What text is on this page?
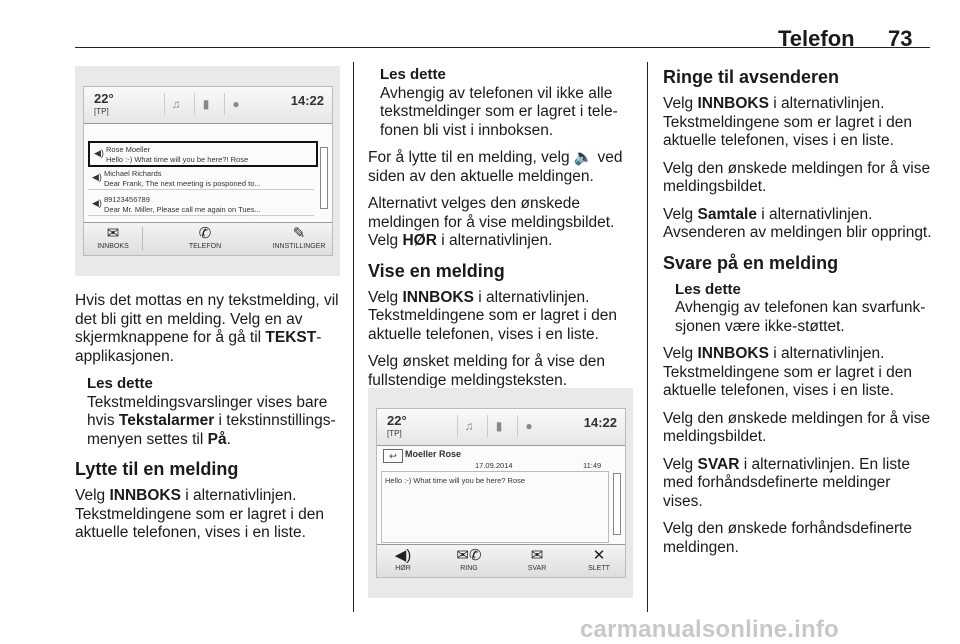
Telefon 73
22°
[TP]
♫	▮	●	14:22
◀) Rose Moeller
Hello :-) What time will you be here?! Rose
◀) Michael Richards
Dear Frank, The next meeting is posponed to...
◀) 89123456789
Dear Mr. Miller, Please call me again on Tues...
✉
INNBOKS
✆
TELEFON
✎
INNSTILLINGER

Hvis det mottas en ny tekstmelding, vil det bli gitt en melding. Velg en av skjermknappene for å gå til TEKST-applikasjonen.

Les dette

Tekstmeldingsvarslinger vises bare hvis Tekstalarmer i tekstinnstillings-menyen settes til På.

Lytte til en melding

Velg INNBOKS i alternativlinjen. Tekstmeldingene som er lagret i den aktuelle telefonen, vises i en liste.

Les dette

Avhengig av telefonen vil ikke alle tekstmeldinger som er lagret i tele-fonen bli vist i innboksen.

For å lytte til en melding, velg 🔈 ved siden av den aktuelle meldingen.

Alternativt velges den ønskede meldingen for å vise meldingsbildet. Velg HØR i alternativlinjen.

Vise en melding

Velg INNBOKS i alternativlinjen. Tekstmeldingene som er lagret i den aktuelle telefonen, vises i en liste.

Velg ønsket melding for å vise den fullstendige meldingsteksten.

22°
[TP]
♫	▮	●	14:22
↩ Moeller Rose
17.09.2014	11:49
Hello :-) What time will you be here? Rose
◀)
HØR
✉✆
RING
✉
SVAR
✕
SLETT
Ringe til avsenderen

Velg INNBOKS i alternativlinjen. Tekstmeldingene som er lagret i den aktuelle telefonen, vises i en liste.

Velg den ønskede meldingen for å vise meldingsbildet.

Velg Samtale i alternativlinjen. Avsenderen av meldingen blir oppringt.

Svare på en melding
Les dette

Avhengig av telefonen kan svarfunk-sjonen være ikke-støttet.

Velg INNBOKS i alternativlinjen. Tekstmeldingene som er lagret i den aktuelle telefonen, vises i en liste.

Velg den ønskede meldingen for å vise meldingsbildet.

Velg SVAR i alternativlinjen. En liste med forhåndsdefinerte meldinger vises.

Velg den ønskede forhåndsdefinerte meldingen.

carmanualsonline.info
